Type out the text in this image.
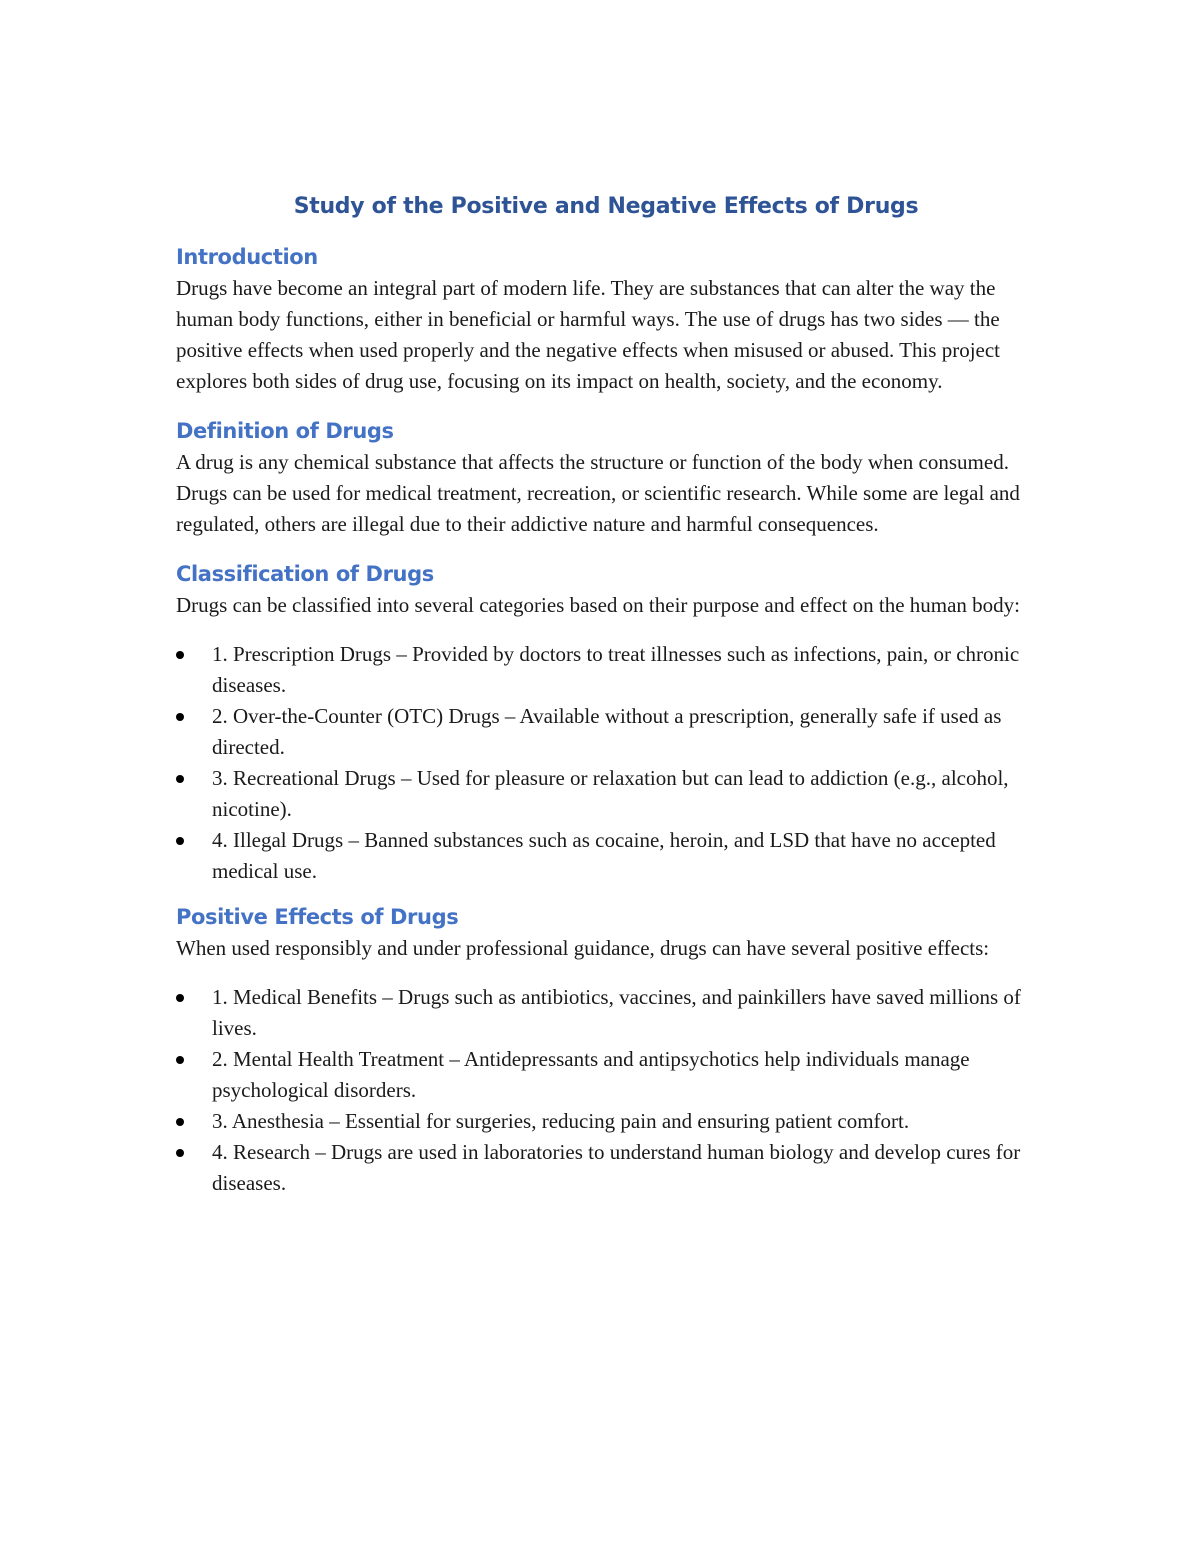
Study of the Positive and Negative Effects of Drugs
Introduction

Drugs have become an integral part of modern life. They are substances that can alter the way the human body functions, either in beneficial or harmful ways. The use of drugs has two sides — the positive effects when used properly and the negative effects when misused or abused. This project explores both sides of drug use, focusing on its impact on health, society, and the economy.

Definition of Drugs

A drug is any chemical substance that affects the structure or function of the body when consumed. Drugs can be used for medical treatment, recreation, or scientific research. While some are legal and regulated, others are illegal due to their addictive nature and harmful consequences.

Classification of Drugs

Drugs can be classified into several categories based on their purpose and effect on the human body:

1. Prescription Drugs – Provided by doctors to treat illnesses such as infections, pain, or chronic diseases.
2. Over-the-Counter (OTC) Drugs – Available without a prescription, generally safe if used as directed.
3. Recreational Drugs – Used for pleasure or relaxation but can lead to addiction (e.g., alcohol, nicotine).
4. Illegal Drugs – Banned substances such as cocaine, heroin, and LSD that have no accepted medical use.
Positive Effects of Drugs

When used responsibly and under professional guidance, drugs can have several positive effects:

1. Medical Benefits – Drugs such as antibiotics, vaccines, and painkillers have saved millions of lives.
2. Mental Health Treatment – Antidepressants and antipsychotics help individuals manage psychological disorders.
3. Anesthesia – Essential for surgeries, reducing pain and ensuring patient comfort.
4. Research – Drugs are used in laboratories to understand human biology and develop cures for diseases.
